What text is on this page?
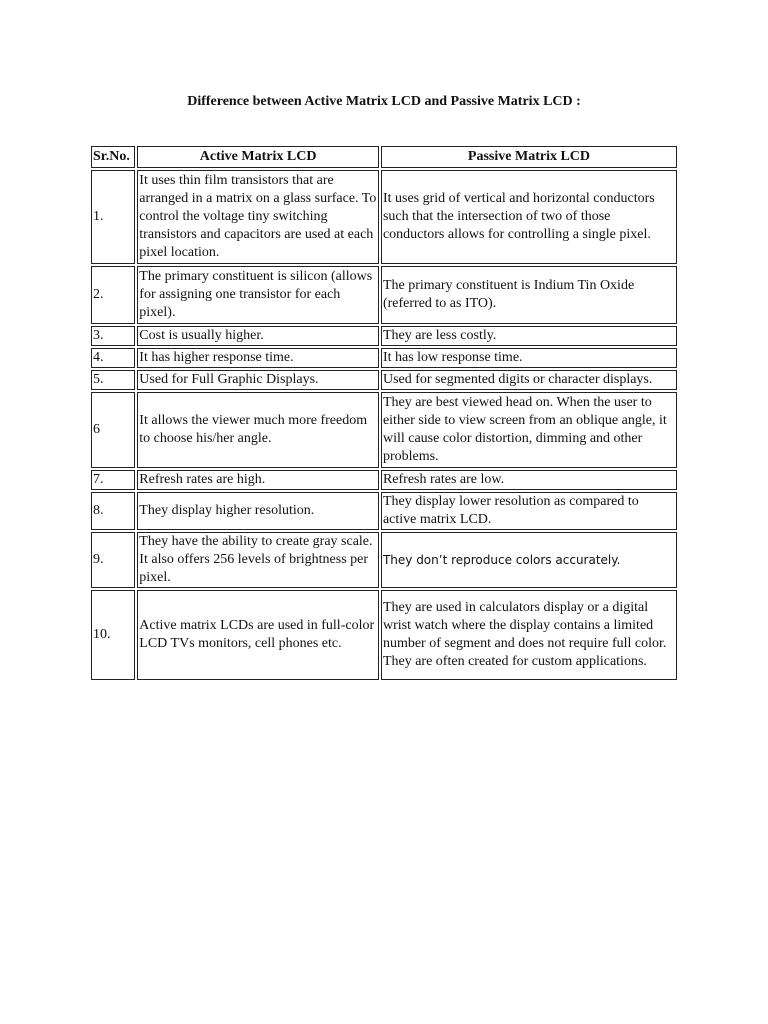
Difference between Active Matrix LCD and Passive Matrix LCD :
Sr.No.	Active Matrix LCD	Passive Matrix LCD
1.	It uses thin film transistors that are arranged in a matrix on a glass surface. To control the voltage tiny switching transistors and capacitors are used at each pixel location.	It uses grid of vertical and horizontal conductors such that the intersection of two of those conductors allows for controlling a single pixel.
2.	The primary constituent is silicon (allows for assigning one transistor for each pixel).	The primary constituent is Indium Tin Oxide (referred to as ITO).
3.	Cost is usually higher.	They are less costly.
4.	It has higher response time.	It has low response time.
5.	Used for Full Graphic Displays.	Used for segmented digits or character displays.
6	It allows the viewer much more freedom to choose his/her angle.	They are best viewed head on. When the user to either side to view screen from an oblique angle, it will cause color distortion, dimming and other problems.
7.	Refresh rates are high.	Refresh rates are low.
8.	They display higher resolution.	They display lower resolution as compared to active matrix LCD.
9.	They have the ability to create gray scale. It also offers 256 levels of brightness per pixel.	They don’t reproduce colors accurately.
10.	Active matrix LCDs are used in full-color LCD TVs monitors, cell phones etc.	They are used in calculators display or a digital wrist watch where the display contains a limited number of segment and does not require full color. They are often created for custom applications.
